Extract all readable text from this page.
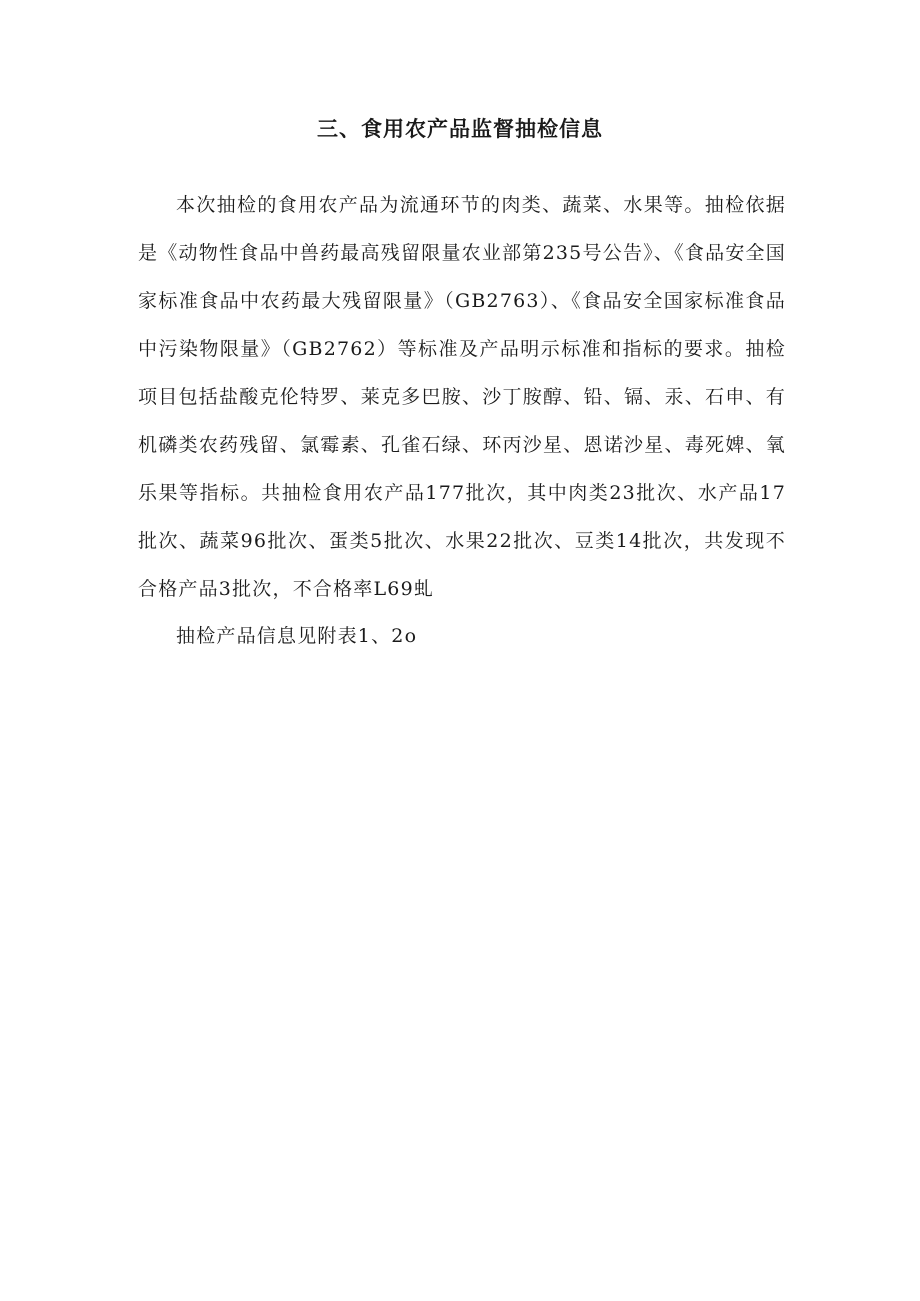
三、食用农产品监督抽检信息

本次抽检的食用农产品为流通环节的肉类、蔬菜、水果等。抽检依据是《动物性食品中兽药最高残留限量农业部第235号公告》、《食品安全国家标准食品中农药最大残留限量》（GB2763）、《食品安全国家标准食品中污染物限量》（GB2762）等标准及产品明示标准和指标的要求。抽检项目包括盐酸克伦特罗、莱克多巴胺、沙丁胺醇、铅、镉、汞、石申、有机磷类农药残留、氯霉素、孔雀石绿、环丙沙星、恩诺沙星、毒死婢、氧乐果等指标。共抽检食用农产品177批次，其中肉类23批次、水产品17批次、蔬菜96批次、蛋类5批次、水果22批次、豆类14批次，共发现不合格产品3批次，不合格率L69虬

抽检产品信息见附表1、2o
